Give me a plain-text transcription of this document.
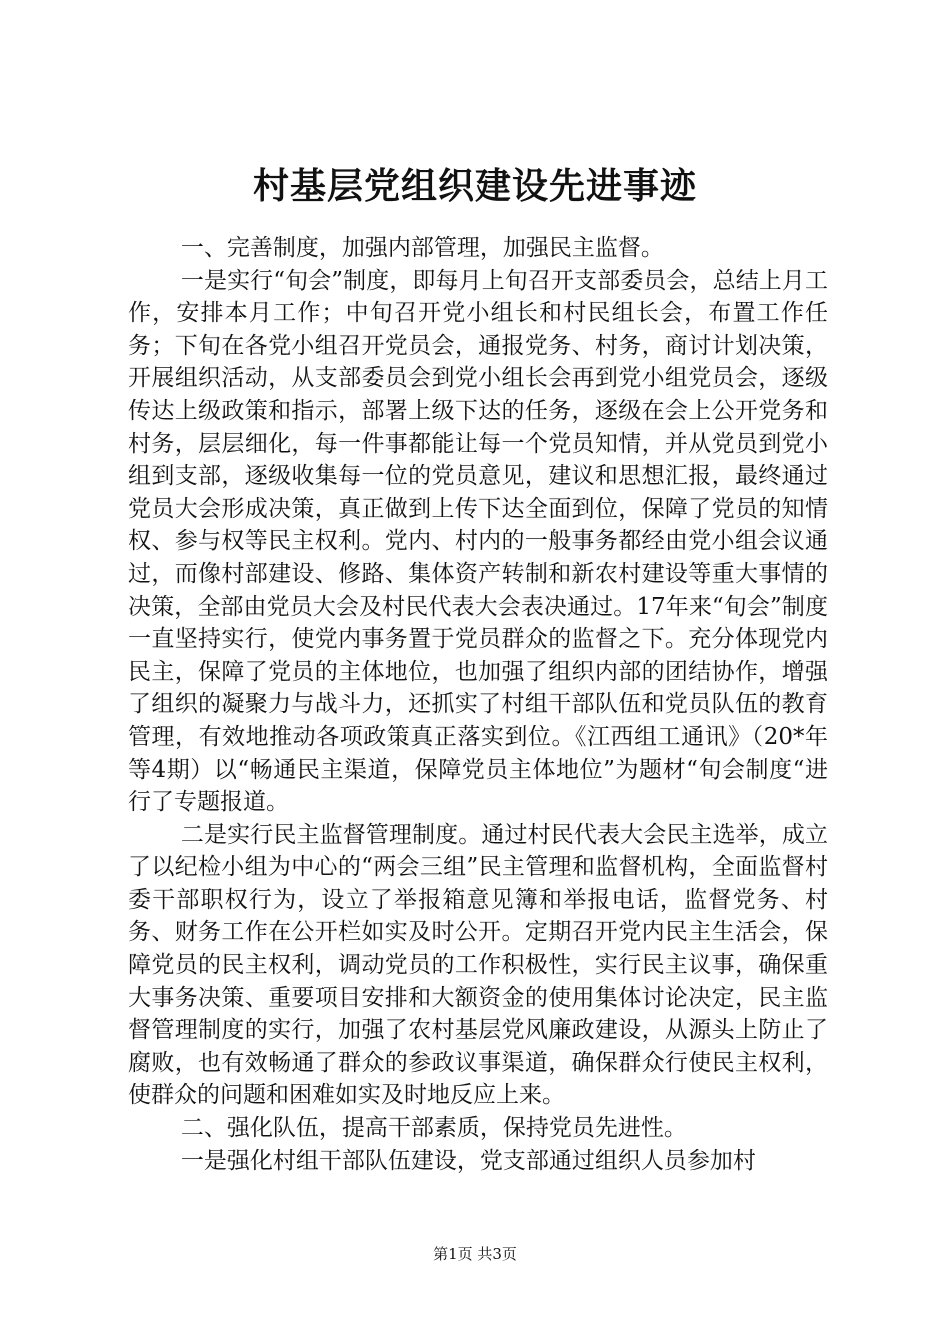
村基层党组织建设先进事迹

一、完善制度，加强内部管理，加强民主监督。

一是实行“旬会”制度，即每月上旬召开支部委员会，总结上月工作，安排本月工作；中旬召开党小组长和村民组长会，布置工作任务；下旬在各党小组召开党员会，通报党务、村务，商讨计划决策，开展组织活动，从支部委员会到党小组长会再到党小组党员会，逐级传达上级政策和指示，部署上级下达的任务，逐级在会上公开党务和村务，层层细化，每一件事都能让每一个党员知情，并从党员到党小组到支部，逐级收集每一位的党员意见，建议和思想汇报，最终通过党员大会形成决策，真正做到上传下达全面到位，保障了党员的知情权、参与权等民主权利。党内、村内的一般事务都经由党小组会议通过，而像村部建设、修路、集体资产转制和新农村建设等重大事情的决策，全部由党员大会及村民代表大会表决通过。17年来“旬会”制度一直坚持实行，使党内事务置于党员群众的监督之下。充分体现党内民主，保障了党员的主体地位，也加强了组织内部的团结协作，增强了组织的凝聚力与战斗力，还抓实了村组干部队伍和党员队伍的教育管理，有效地推动各项政策真正落实到位。《江西组工通讯》（20*年等4期）以“畅通民主渠道，保障党员主体地位”为题材“旬会制度“进行了专题报道。

二是实行民主监督管理制度。通过村民代表大会民主选举，成立了以纪检小组为中心的“两会三组”民主管理和监督机构，全面监督村委干部职权行为，设立了举报箱意见簿和举报电话，监督党务、村务、财务工作在公开栏如实及时公开。定期召开党内民主生活会，保障党员的民主权利，调动党员的工作积极性，实行民主议事，确保重大事务决策、重要项目安排和大额资金的使用集体讨论决定，民主监督管理制度的实行，加强了农村基层党风廉政建设，从源头上防止了腐败，也有效畅通了群众的参政议事渠道，确保群众行使民主权利，使群众的问题和困难如实及时地反应上来。

二、强化队伍，提高干部素质，保持党员先进性。

一是强化村组干部队伍建设，党支部通过组织人员参加村

第1页 共3页
